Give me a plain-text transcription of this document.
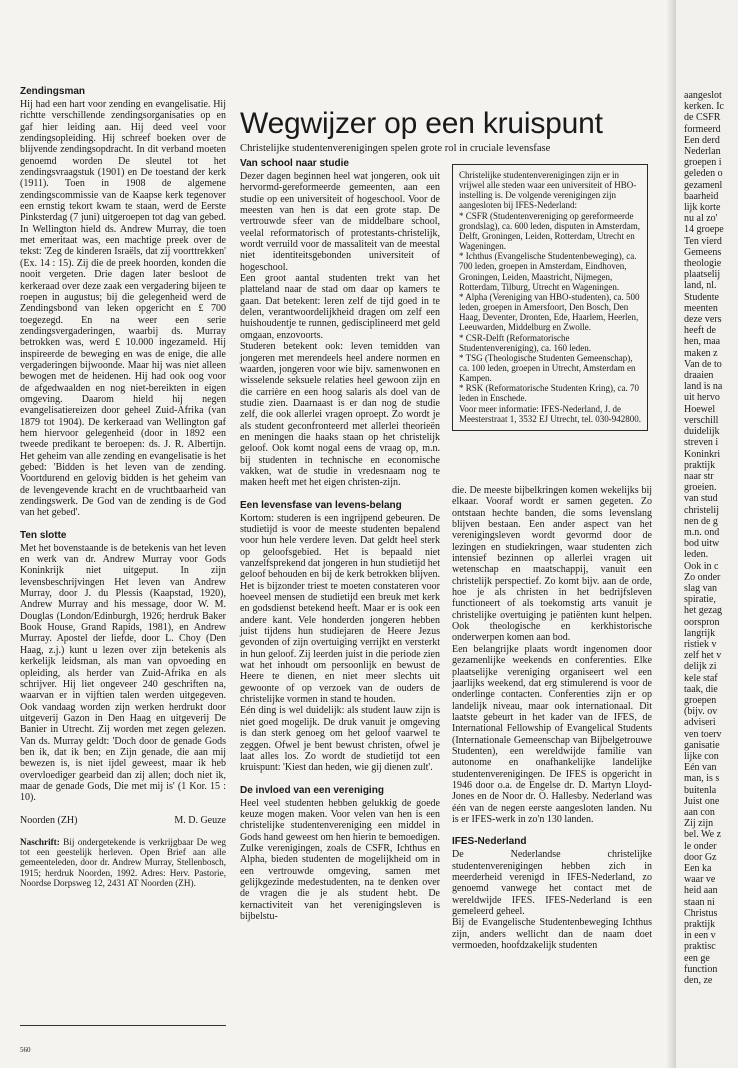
Zendingsman

Hij had een hart voor zending en evangelisatie. Hij richtte verschillende zendingsorganisaties op en gaf hier leiding aan. Hij deed veel voor zendingsopleiding. Hij schreef boeken over de blijvende zendingsopdracht. In dit verband moeten genoemd worden De sleutel tot het zendingsvraagstuk (1901) en De toestand der kerk (1911). Toen in 1908 de algemene zendingscommissie van de Kaapse kerk tegenover een ernstig tekort kwam te staan, werd de Eerste Pinksterdag (7 juni) uitgeroepen tot dag van gebed. In Wellington hield ds. Andrew Murray, die toen met emeritaat was, een machtige preek over de tekst: 'Zeg de kinderen Israëls, dat zij voorttrekken' (Ex. 14 : 15). Zij die de preek hoorden, konden die nooit vergeten. Drie dagen later besloot de kerkeraad over deze zaak een vergadering bijeen te roepen in augustus; bij die gelegenheid werd de Zendingsbond van leken opgericht en £ 700 toegezegd. En na weer een serie zendingsvergaderingen, waarbij ds. Murray betrokken was, werd £ 10.000 ingezameld. Hij inspireerde de beweging en was de enige, die alle vergaderingen bijwoonde. Maar hij was niet alleen bewogen met de heidenen. Hij had ook oog voor de afgedwaalden en nog niet-bereikten in eigen omgeving. Daarom hield hij negen evangelisatiereizen door geheel Zuid-Afrika (van 1879 tot 1904). De kerkeraad van Wellington gaf hem hiervoor gelegenheid (door in 1892 een tweede predikant te beroepen: ds. J. R. Albertijn. Het geheim van alle zending en evangelisatie is het gebed: 'Bidden is het leven van de zending. Voortdurend en gelovig bidden is het geheim van de levengevende kracht en de vruchtbaarheid van zendingswerk. De God van de zending is de God van het gebed'.

Ten slotte

Met het bovenstaande is de betekenis van het leven en werk van dr. Andrew Murray voor Gods Koninkrijk niet uitgeput. In zijn levensbeschrijvingen Het leven van Andrew Murray, door J. du Plessis (Kaapstad, 1920), Andrew Murray and his message, door W. M. Douglas (London/Edinburgh, 1926; herdruk Baker Book House, Grand Rapids, 1981), en Andrew Murray. Apostel der liefde, door L. Choy (Den Haag, z.j.) kunt u lezen over zijn betekenis als kerkelijk leidsman, als man van opvoeding en opleiding, als herder van Zuid-Afrika en als schrijver. Hij liet ongeveer 240 geschriften na, waarvan er in vijftien talen werden uitgegeven. Ook vandaag worden zijn werken herdrukt door uitgeverij Gazon in Den Haag en uitgeverij De Banier in Utrecht. Zij worden met zegen gelezen. Van ds. Murray geldt: 'Doch door de genade Gods ben ik, dat ik ben; en Zijn genade, die aan mij bewezen is, is niet ijdel geweest, maar ik heb overvloediger gearbeid dan zij allen; doch niet ik, maar de genade Gods, Die met mij is' (1 Kor. 15 : 10).

Noorden (ZH)	M. D. Geuze

Naschrift: Bij ondergetekende is verkrijgbaar De weg tot een geestelijk herleven. Open Brief aan alle gemeenteleden, door dr. Andrew Murray, Stellenbosch, 1915; herdruk Noorden, 1992. Adres: Herv. Pastorie, Noordse Dorpsweg 12, 2431 AT Noorden (ZH).

560
Wegwijzer op een kruispunt
Christelijke studentenverenigingen spelen grote rol in cruciale levensfase
Van school naar studie

Dezer dagen beginnen heel wat jongeren, ook uit hervormd-gereformeerde gemeenten, aan een studie op een universiteit of hogeschool. Voor de meesten van hen is dat een grote stap. De vertrouwde sfeer van de middelbare school, veelal reformatorisch of protestants-christelijk, wordt verruild voor de massaliteit van de meestal niet identiteitsgebonden universiteit of hogeschool.

Een groot aantal studenten trekt van het platteland naar de stad om daar op kamers te gaan. Dat betekent: leren zelf de tijd goed in te delen, verantwoordelijkheid dragen om zelf een huishoudentje te runnen, gedisciplineerd met geld omgaan, enzovoorts.

Studeren betekent ook: leven temidden van jongeren met merendeels heel andere normen en waarden, jongeren voor wie bijv. samenwonen en wisselende seksuele relaties heel gewoon zijn en die carrière en een hoog salaris als doel van de studie zien. Daarnaast is er dan nog de studie zelf, die ook allerlei vragen oproept. Zo wordt je als student geconfronteerd met allerlei theorieën en meningen die haaks staan op het christelijk geloof. Ook komt nogal eens de vraag op, m.n. bij studenten in technische en economische vakken, wat de studie in vredesnaam nog te maken heeft met het eigen christen-zijn.

Een levensfase van levens-belang

Kortom: studeren is een ingrijpend gebeuren. De studietijd is voor de meeste studenten bepalend voor hun hele verdere leven. Dat geldt heel sterk op geloofsgebied. Het is bepaald niet vanzelfsprekend dat jongeren in hun studietijd het geloof behouden en bij de kerk betrokken blijven. Het is bijzonder triest te moeten constateren voor hoeveel mensen de studietijd een breuk met kerk en godsdienst betekend heeft. Maar er is ook een andere kant. Vele honderden jongeren hebben juist tijdens hun studiejaren de Heere Jezus gevonden of zijn overtuiging verrijkt en versterkt in hun geloof. Zij leerden juist in die periode zien wat het inhoudt om persoonlijk en bewust de Heere te dienen, en niet meer slechts uit gewoonte of op verzoek van de ouders de christelijke vormen in stand te houden.

Eén ding is wel duidelijk: als student lauw zijn is niet goed mogelijk. De druk vanuit je omgeving is dan sterk genoeg om het geloof vaarwel te zeggen. Ofwel je bent bewust christen, ofwel je laat alles los. Zo wordt de studietijd tot een kruispunt: 'Kiest dan heden, wie gij dienen zult'.

De invloed van een vereniging

Heel veel studenten hebben gelukkig de goede keuze mogen maken. Voor velen van hen is een christelijke studentenvereniging een middel in Gods hand geweest om hen hierin te bemoedigen. Zulke verenigingen, zoals de CSFR, Ichthus en Alpha, bieden studenten de mogelijkheid om in een vertrouwde omgeving, samen met gelijkgezinde medestudenten, na te denken over de vragen die je als student hebt. De kernactiviteit van het verenigingsleven is bijbelstu-

Christelijke studentenverenigingen zijn er in vrijwel alle steden waar een universiteit of HBO-instelling is. De volgende verenigingen zijn aangesloten bij IFES-Nederland:

* CSFR (Studentenvereniging op gereformeerde grondslag), ca. 600 leden, disputen in Amsterdam, Delft, Groningen, Leiden, Rotterdam, Utrecht en Wageningen.

* Ichthus (Evangelische Studentenbeweging), ca. 700 leden, groepen in Amsterdam, Eindhoven, Groningen, Leiden, Maastricht, Nijmegen, Rotterdam, Tilburg, Utrecht en Wageningen.

* Alpha (Vereniging van HBO-studenten), ca. 500 leden, groepen in Amersfoort, Den Bosch, Den Haag, Deventer, Dronten, Ede, Haarlem, Heerlen, Leeuwarden, Middelburg en Zwolle.

* CSR-Delft (Reformatorische Studentenvereniging), ca. 160 leden.

* TSG (Theologische Studenten Gemeenschap), ca. 100 leden, groepen in Utrecht, Amsterdam en Kampen.

* RSK (Reformatorische Studenten Kring), ca. 70 leden in Enschede.

Voor meer informatie: IFES-Nederland, J. de Meesterstraat 1, 3532 EJ Utrecht, tel. 030-942800.

die. De meeste bijbelkringen komen wekelijks bij elkaar. Vooraf wordt er samen gegeten. Zo ontstaan hechte banden, die soms levenslang blijven bestaan. Een ander aspect van het verenigingsleven wordt gevormd door de lezingen en studiekringen, waar studenten zich intensief bezinnen op allerlei vragen uit wetenschap en maatschappij, vanuit een christelijk perspectief. Zo komt bijv. aan de orde, hoe je als christen in het bedrijfsleven functioneert of als toekomstig arts vanuit je christelijke overtuiging je patiënten kunt helpen. Ook theologische en kerkhistorische onderwerpen komen aan bod.

Een belangrijke plaats wordt ingenomen door gezamenlijke weekends en conferenties. Elke plaatselijke vereniging organiseert wel een jaarlijks weekend, dat erg stimulerend is voor de onderlinge contacten. Conferenties zijn er op landelijk niveau, maar ook internationaal. Dit laatste gebeurt in het kader van de IFES, de International Fellowship of Evangelical Students (Internationale Gemeenschap van Bijbelgetrouwe Studenten), een wereldwijde familie van autonome en onafhankelijke landelijke studentenverenigingen. De IFES is opgericht in 1946 door o.a. de Engelse dr. D. Martyn Lloyd-Jones en de Noor dr. O. Hallesby. Nederland was één van de negen eerste aangesloten landen. Nu is er IFES-werk in zo'n 130 landen.

IFES-Nederland

De Nederlandse christelijke studentenverenigingen hebben zich in meerderheid verenigd in IFES-Nederland, zo genoemd vanwege het contact met de wereldwijde IFES. IFES-Nederland is een gemeleerd geheel.

Bij de Evangelische Studentenbeweging Ichthus zijn, anders wellicht dan de naam doet vermoeden, hoofdzakelijk studenten

aangeslot
kerken. Ic
de CSFR
formeerd
Een derd
Nederlan
groepen i
geleden o
gezamenl
baarheid
lijk korte
nu al zo'
14 groepe
Ten vierd
Gemeens
theologie
plaatselij
land, nl.
Studente
meenten
deze vers
heeft de
hen, maa
maken z
Van de to
draaien
land is na
uit hervo
Hoewel
verschill
duidelijk
streven i
Koninkri
praktijk
naar str
groeien.
van stud
christelij
nen de g
m.n. ond
bod uitw
leden.
Ook in c
Zo onder
slag van
spiratie,
het gezag
oorspron
langrijk
ristiek v
zelf het v
delijk zi
kele staf
taak, die
groepen
(bijv. ov
adviseri
ven toerv
ganisatie
lijke con
Eén van
man, is s
buitenla
Juist one
aan con
Zij zijn
bel. We z
le onder
door Gz
Een ka
waar ve
heid aan
staan ni
Christus
praktijk
in een v
praktisc
een ge
function
den, ze
